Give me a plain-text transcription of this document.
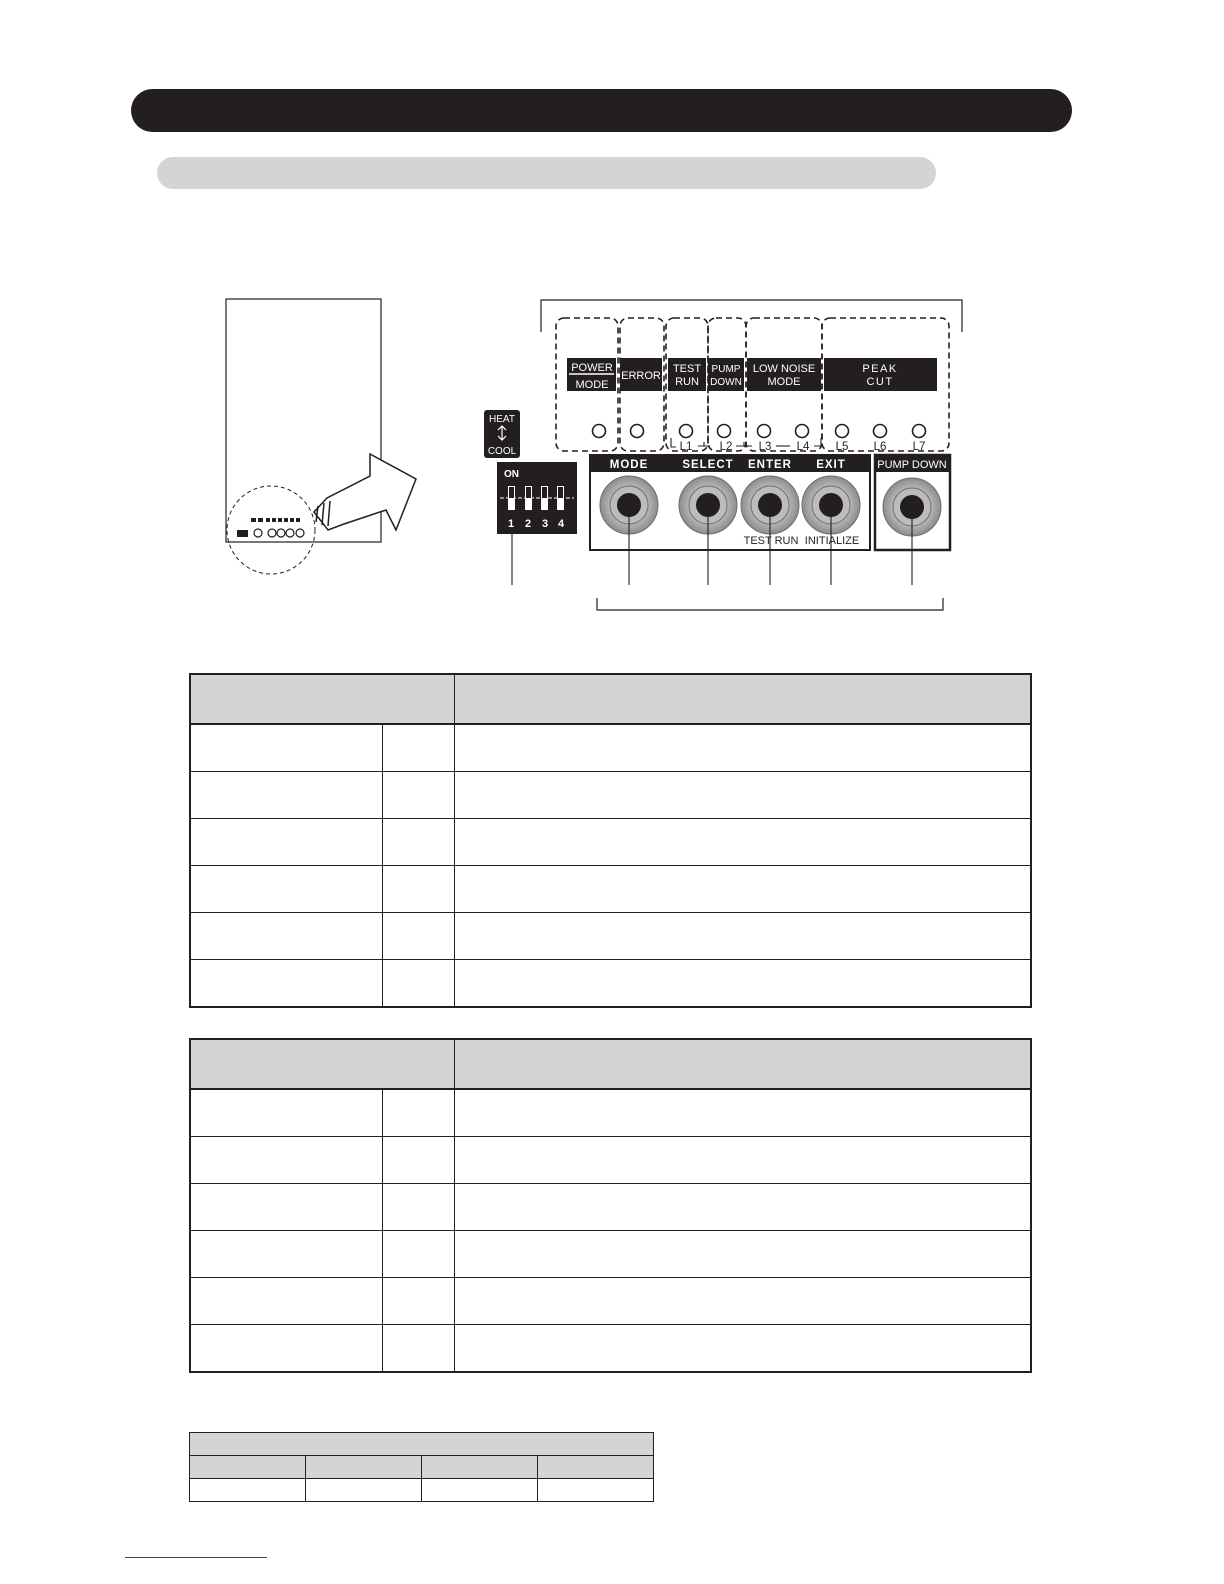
POWER
MODE
ERROR
TEST
RUN
PUMP
DOWN
LOW NOISE
MODE
PEAK
CUT
L1 L2 L3 L4 L5 L6 L7
HEAT
COOL
ON
1 2 3 4
MODE	SELECT ENTER EXIT	PUMP DOWN
TEST RUN INITIALIZE
